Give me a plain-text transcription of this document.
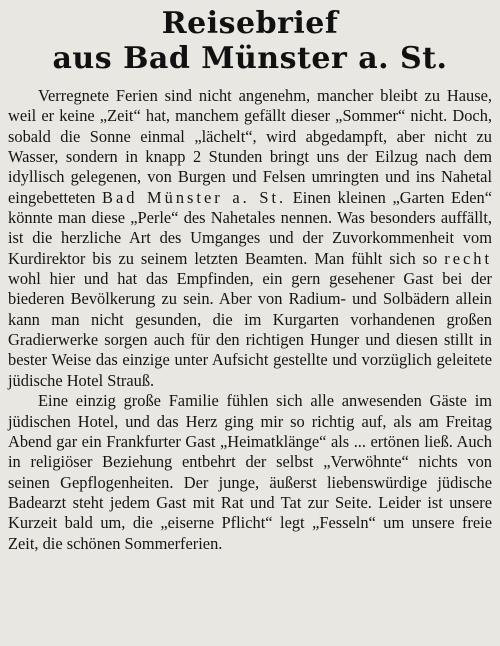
Reisebrief
aus Bad Münster a. St.

Verregnete Ferien sind nicht angenehm, mancher bleibt zu Hause, weil er keine „Zeit“ hat, manchem gefällt dieser „Sommer“ nicht. Doch, sobald die Sonne einmal „lächelt“, wird abgedampft, aber nicht zu Wasser, sondern in knapp 2 Stunden bringt uns der Eilzug nach dem idyllisch gelegenen, von Burgen und Felsen umringten und ins Nahetal eingebetteten Bad Münster a. St. Einen kleinen „Garten Eden“ könnte man diese „Perle“ des Nahetales nennen. Was besonders auffällt, ist die herzliche Art des Umganges und der Zuvorkommenheit vom Kurdirektor bis zu seinem letzten Beamten. Man fühlt sich so recht wohl hier und hat das Empfinden, ein gern gesehener Gast bei der biederen Bevölkerung zu sein. Aber von Radium- und Solbädern allein kann man nicht gesunden, die im Kurgarten vorhandenen großen Gradierwerke sorgen auch für den richtigen Hunger und diesen stillt in bester Weise das einzige unter Aufsicht gestellte und vorzüglich geleitete jüdische Hotel Strauß.

Eine einzig große Familie fühlen sich alle anwesenden Gäste im jüdischen Hotel, und das Herz ging mir so richtig auf, als am Freitag Abend gar ein Frankfurter Gast „Heimatklänge“ als ... ertönen ließ. Auch in religiöser Beziehung entbehrt der selbst „Verwöhnte“ nichts von seinen Gepflogenheiten. Der junge, äußerst liebenswürdige jüdische Badearzt steht jedem Gast mit Rat und Tat zur Seite. Leider ist unsere Kurzeit bald um, die „eiserne Pflicht“ legt „Fesseln“ um unsere freie Zeit, die schönen Sommerferien.
